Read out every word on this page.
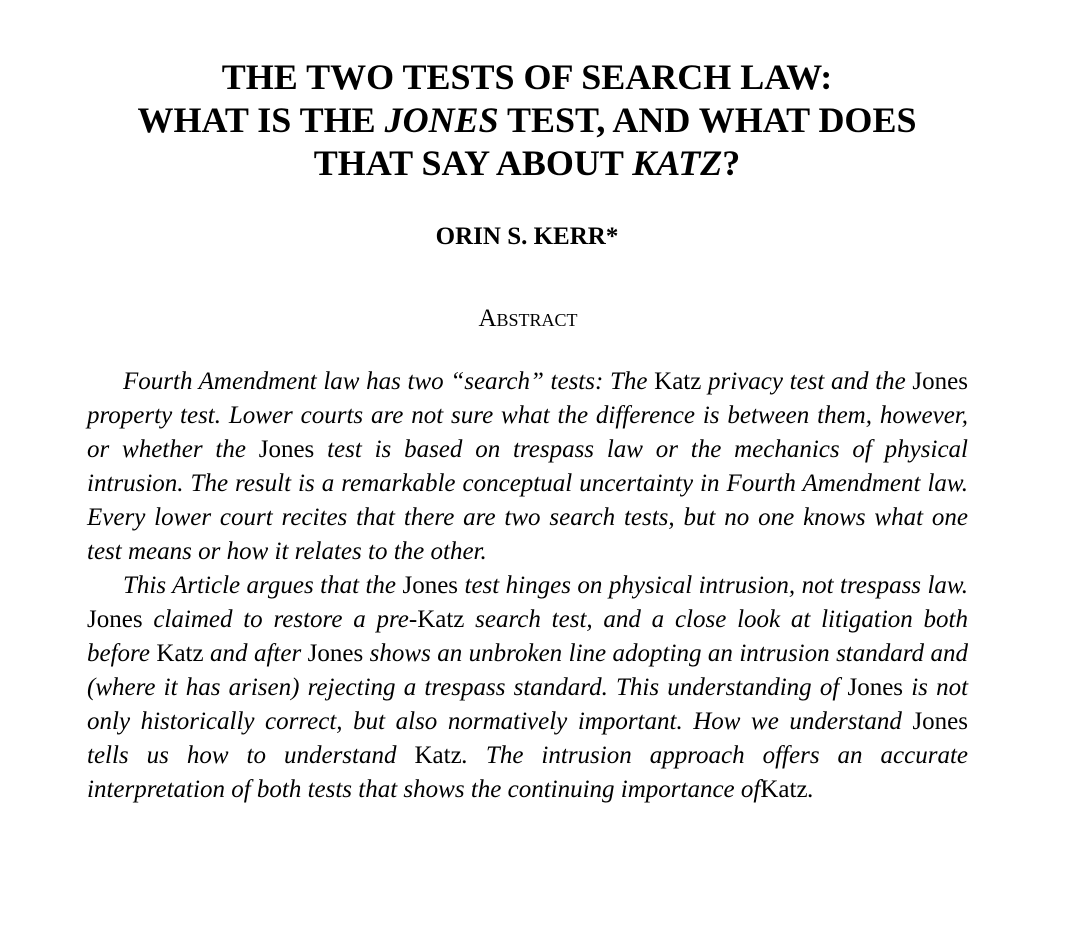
THE TWO TESTS OF SEARCH LAW:
WHAT IS THE JONES TEST, AND WHAT DOES
THAT SAY ABOUT KATZ?
ORIN S. KERR*
Abstract

Fourth Amendment law has two “search” tests: The Katz privacy test and the Jones property test. Lower courts are not sure what the difference is between them, however, or whether the Jones test is based on trespass law or the mechanics of physical intrusion. The result is a remarkable conceptual uncertainty in Fourth Amendment law. Every lower court recites that there are two search tests, but no one knows what one test means or how it relates to the other.

This Article argues that the Jones test hinges on physical intrusion, not trespass law. Jones claimed to restore a pre-Katz search test, and a close look at litigation both before Katz and after Jones shows an unbroken line adopting an intrusion standard and (where it has arisen) rejecting a trespass standard. This understanding of Jones is not only historically correct, but also normatively important. How we understand Jones tells us how to understand Katz. The intrusion approach offers an accurate interpretation of both tests that shows the continuing importance ofKatz.
